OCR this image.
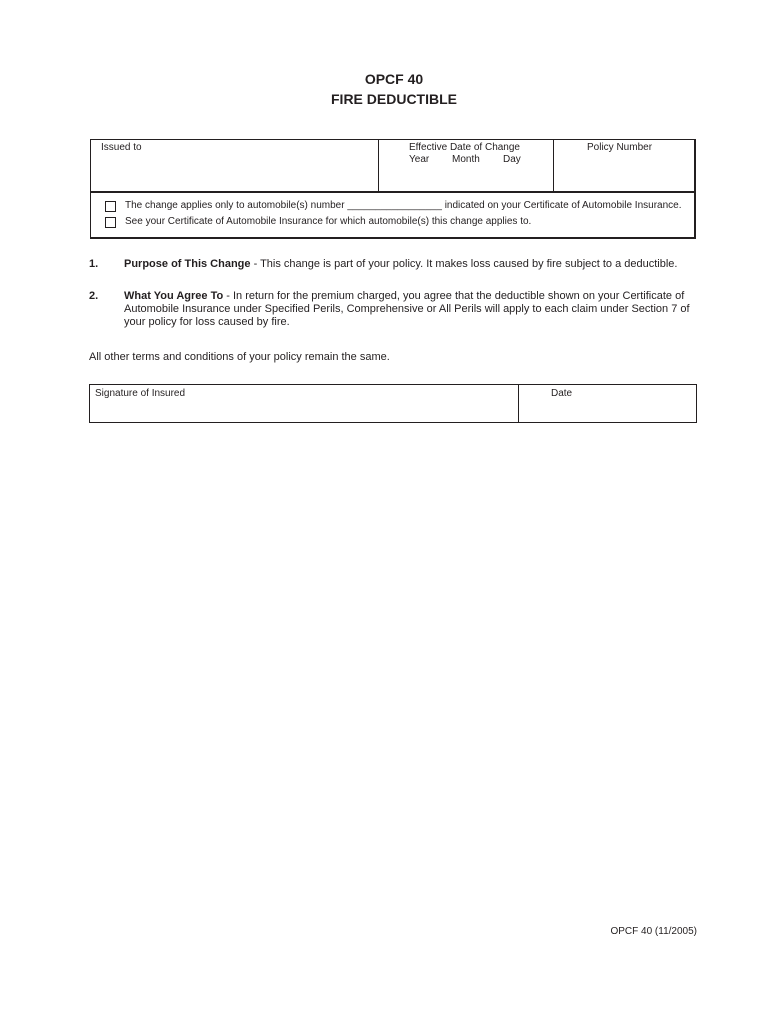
OPCF 40
FIRE DEDUCTIBLE
Issued to	Effective Date of Change
Year Month Day
Policy Number
The change applies only to automobile(s) number _________________ indicated on your Certificate of Automobile Insurance.
See your Certificate of Automobile Insurance for which automobile(s) this change applies to.
1. Purpose of This Change - This change is part of your policy. It makes loss caused by fire subject to a deductible.
2. What You Agree To - In return for the premium charged, you agree that the deductible shown on your Certificate of Automobile Insurance under Specified Perils, Comprehensive or All Perils will apply to each claim under Section 7 of your policy for loss caused by fire.
All other terms and conditions of your policy remain the same.
Signature of Insured	Date
OPCF 40 (11/2005)
